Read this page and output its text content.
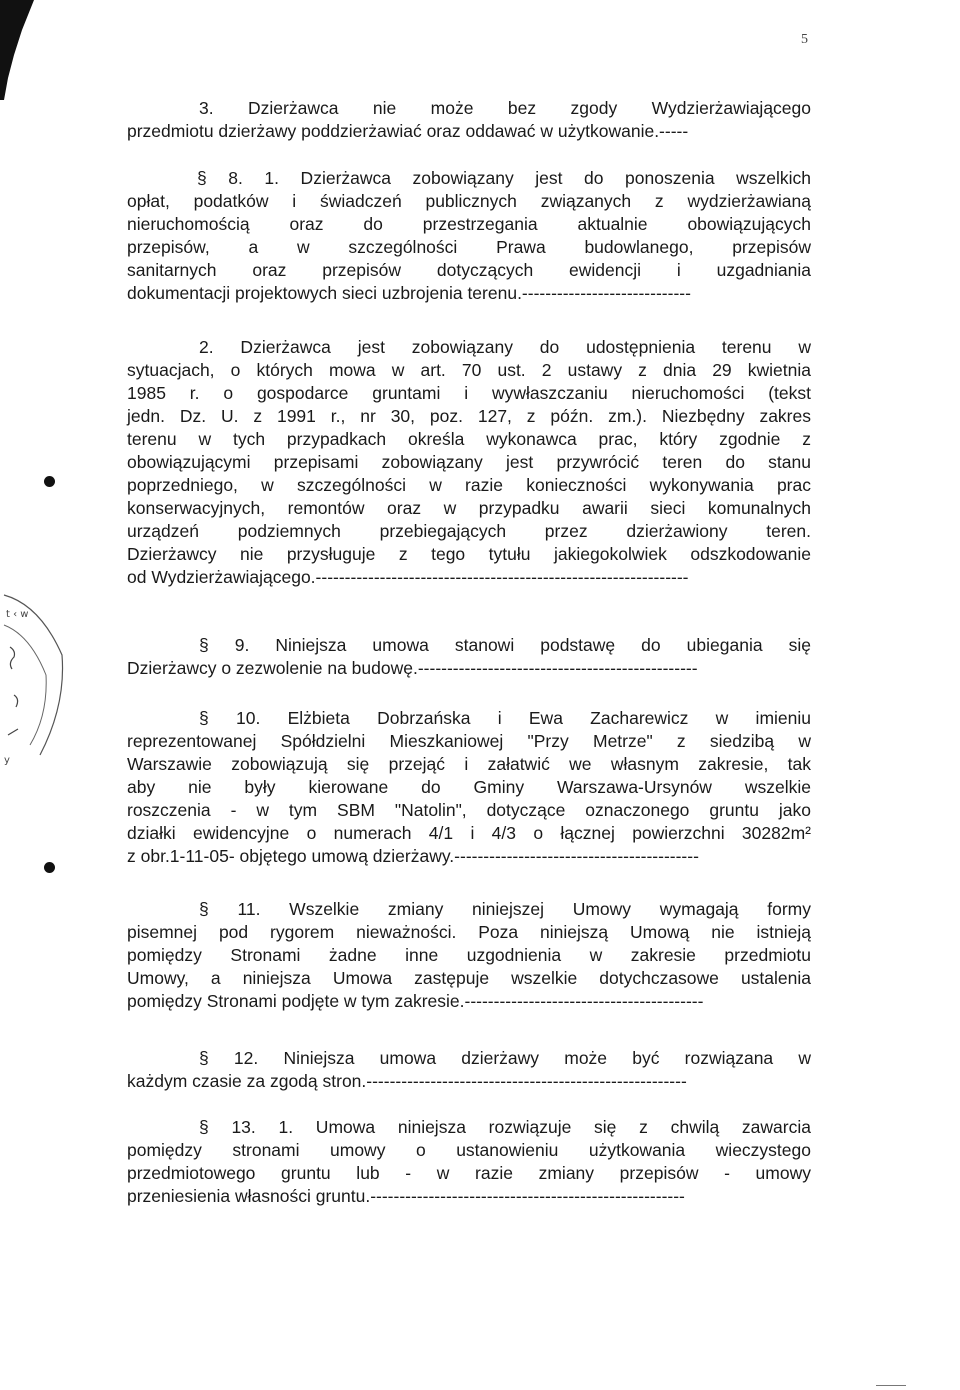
5
t ‹ w
y
3. Dzierżawca nie może bez zgody Wydzierżawiającego
przedmiotu dzierżawy poddzierżawiać oraz oddawać w użytkowanie.-----
§ 8. 1. Dzierżawca zobowiązany jest do ponoszenia wszelkich
opłat, podatków i świadczeń publicznych związanych z wydzierżawianą
nieruchomością oraz do przestrzegania aktualnie obowiązujących
przepisów, a w szczególności Prawa budowlanego, przepisów
sanitarnych oraz przepisów dotyczących ewidencji i uzgadniania
dokumentacji projektowych sieci uzbrojenia terenu.-----------------------------
2. Dzierżawca jest zobowiązany do udostępnienia terenu w
sytuacjach, o których mowa w art. 70 ust. 2 ustawy z dnia 29 kwietnia
1985 r. o gospodarce gruntami i wywłaszczaniu nieruchomości (tekst
jedn. Dz. U. z 1991 r., nr 30, poz. 127, z późn. zm.). Niezbędny zakres
terenu w tych przypadkach określa wykonawca prac, który zgodnie z
obowiązującymi przepisami zobowiązany jest przywrócić teren do stanu
poprzedniego, w szczególności w razie konieczności wykonywania prac
konserwacyjnych, remontów oraz w przypadku awarii sieci komunalnych
urządzeń podziemnych przebiegających przez dzierżawiony teren.
Dzierżawcy nie przysługuje z tego tytułu jakiegokolwiek odszkodowanie
od Wydzierżawiającego.----------------------------------------------------------------
§ 9. Niniejsza umowa stanowi podstawę do ubiegania się
Dzierżawcy o zezwolenie na budowę.------------------------------------------------
§ 10. Elżbieta Dobrzańska i Ewa Zacharewicz w imieniu
reprezentowanej Spółdzielni Mieszkaniowej "Przy Metrze" z siedzibą w
Warszawie zobowiązują się przejąć i załatwić we własnym zakresie, tak
aby nie były kierowane do Gminy Warszawa-Ursynów wszelkie
roszczenia - w tym SBM "Natolin", dotyczące oznaczonego gruntu jako
działki ewidencyjne o numerach 4/1 i 4/3 o łącznej powierzchni 30282m²
z obr.1-11-05- objętego umową dzierżawy.------------------------------------------
§ 11. Wszelkie zmiany niniejszej Umowy wymagają formy
pisemnej pod rygorem nieważności. Poza niniejszą Umową nie istnieją
pomiędzy Stronami żadne inne uzgodnienia w zakresie przedmiotu
Umowy, a niniejsza Umowa zastępuje wszelkie dotychczasowe ustalenia
pomiędzy Stronami podjęte w tym zakresie.-----------------------------------------
§ 12. Niniejsza umowa dzierżawy może być rozwiązana w
każdym czasie za zgodą stron.-------------------------------------------------------
§ 13. 1. Umowa niniejsza rozwiązuje się z chwilą zawarcia
pomiędzy stronami umowy o ustanowieniu użytkowania wieczystego
przedmiotowego gruntu lub - w razie zmiany przepisów - umowy
przeniesienia własności gruntu.------------------------------------------------------
